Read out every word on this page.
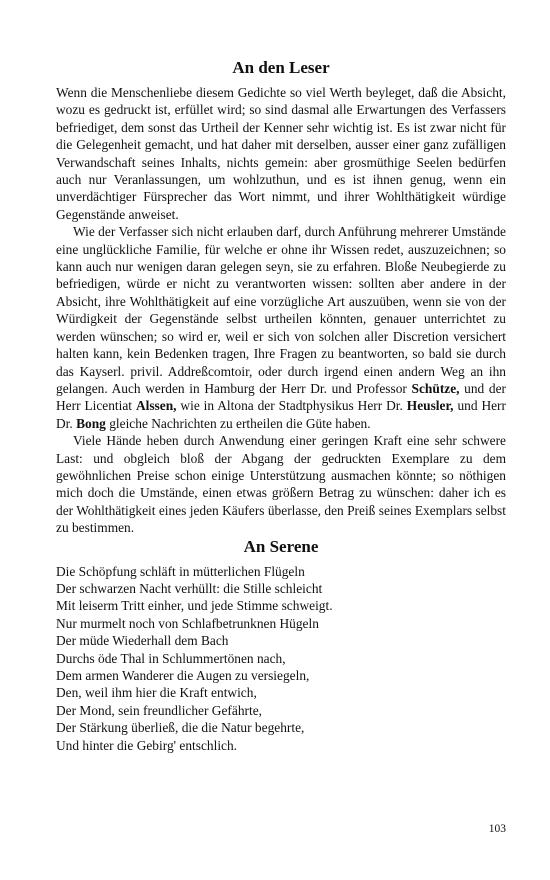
An den Leser

Wenn die Menschenliebe diesem Gedichte so viel Werth beyleget, daß die Absicht, wozu es gedruckt ist, erfüllet wird; so sind dasmal alle Erwartungen des Verfassers befriediget, dem sonst das Urtheil der Kenner sehr wichtig ist. Es ist zwar nicht für die Gelegenheit gemacht, und hat daher mit derselben, ausser einer ganz zufälligen Verwandschaft seines Inhalts, nichts gemein: aber grosmüthige Seelen bedürfen auch nur Veranlassungen, um wohlzuthun, und es ist ihnen genug, wenn ein unverdächtiger Fürsprecher das Wort nimmt, und ihrer Wohlthätigkeit würdige Gegenstände anweiset.

Wie der Verfasser sich nicht erlauben darf, durch Anführung mehrerer Umstände eine unglückliche Familie, für welche er ohne ihr Wissen redet, auszuzeichnen; so kann auch nur wenigen daran gelegen seyn, sie zu erfahren. Bloße Neubegierde zu befriedigen, würde er nicht zu verantworten wissen: sollten aber andere in der Absicht, ihre Wohlthätigkeit auf eine vorzügliche Art auszuüben, wenn sie von der Würdigkeit der Gegenstände selbst urtheilen könnten, genauer unterrichtet zu werden wünschen; so wird er, weil er sich von solchen aller Discretion versichert halten kann, kein Bedenken tragen, Ihre Fragen zu beantworten, so bald sie durch das Kayserl. privil. Addreßcomtoir, oder durch irgend einen andern Weg an ihn gelangen. Auch werden in Hamburg der Herr Dr. und Professor Schütze, und der Herr Licentiat Alssen, wie in Altona der Stadtphysikus Herr Dr. Heusler, und Herr Dr. Bong gleiche Nachrichten zu ertheilen die Güte haben.

Viele Hände heben durch Anwendung einer geringen Kraft eine sehr schwere Last: und obgleich bloß der Abgang der gedruckten Exemplare zu dem gewöhnlichen Preise schon einige Unterstützung ausmachen könnte; so nöthigen mich doch die Umstände, einen etwas größern Betrag zu wünschen: daher ich es der Wohlthätigkeit eines jeden Käufers überlasse, den Preiß seines Exemplars selbst zu bestimmen.

An Serene
Die Schöpfung schläft in mütterlichen Flügeln
Der schwarzen Nacht verhüllt: die Stille schleicht
Mit leiserm Tritt einher, und jede Stimme schweigt.
Nur murmelt noch von Schlafbetrunknen Hügeln
Der müde Wiederhall dem Bach
Durchs öde Thal in Schlummertönen nach,
Dem armen Wanderer die Augen zu versiegeln,
Den, weil ihm hier die Kraft entwich,
Der Mond, sein freundlicher Gefährte,
Der Stärkung überließ, die die Natur begehrte,
Und hinter die Gebirg' entschlich.
103
